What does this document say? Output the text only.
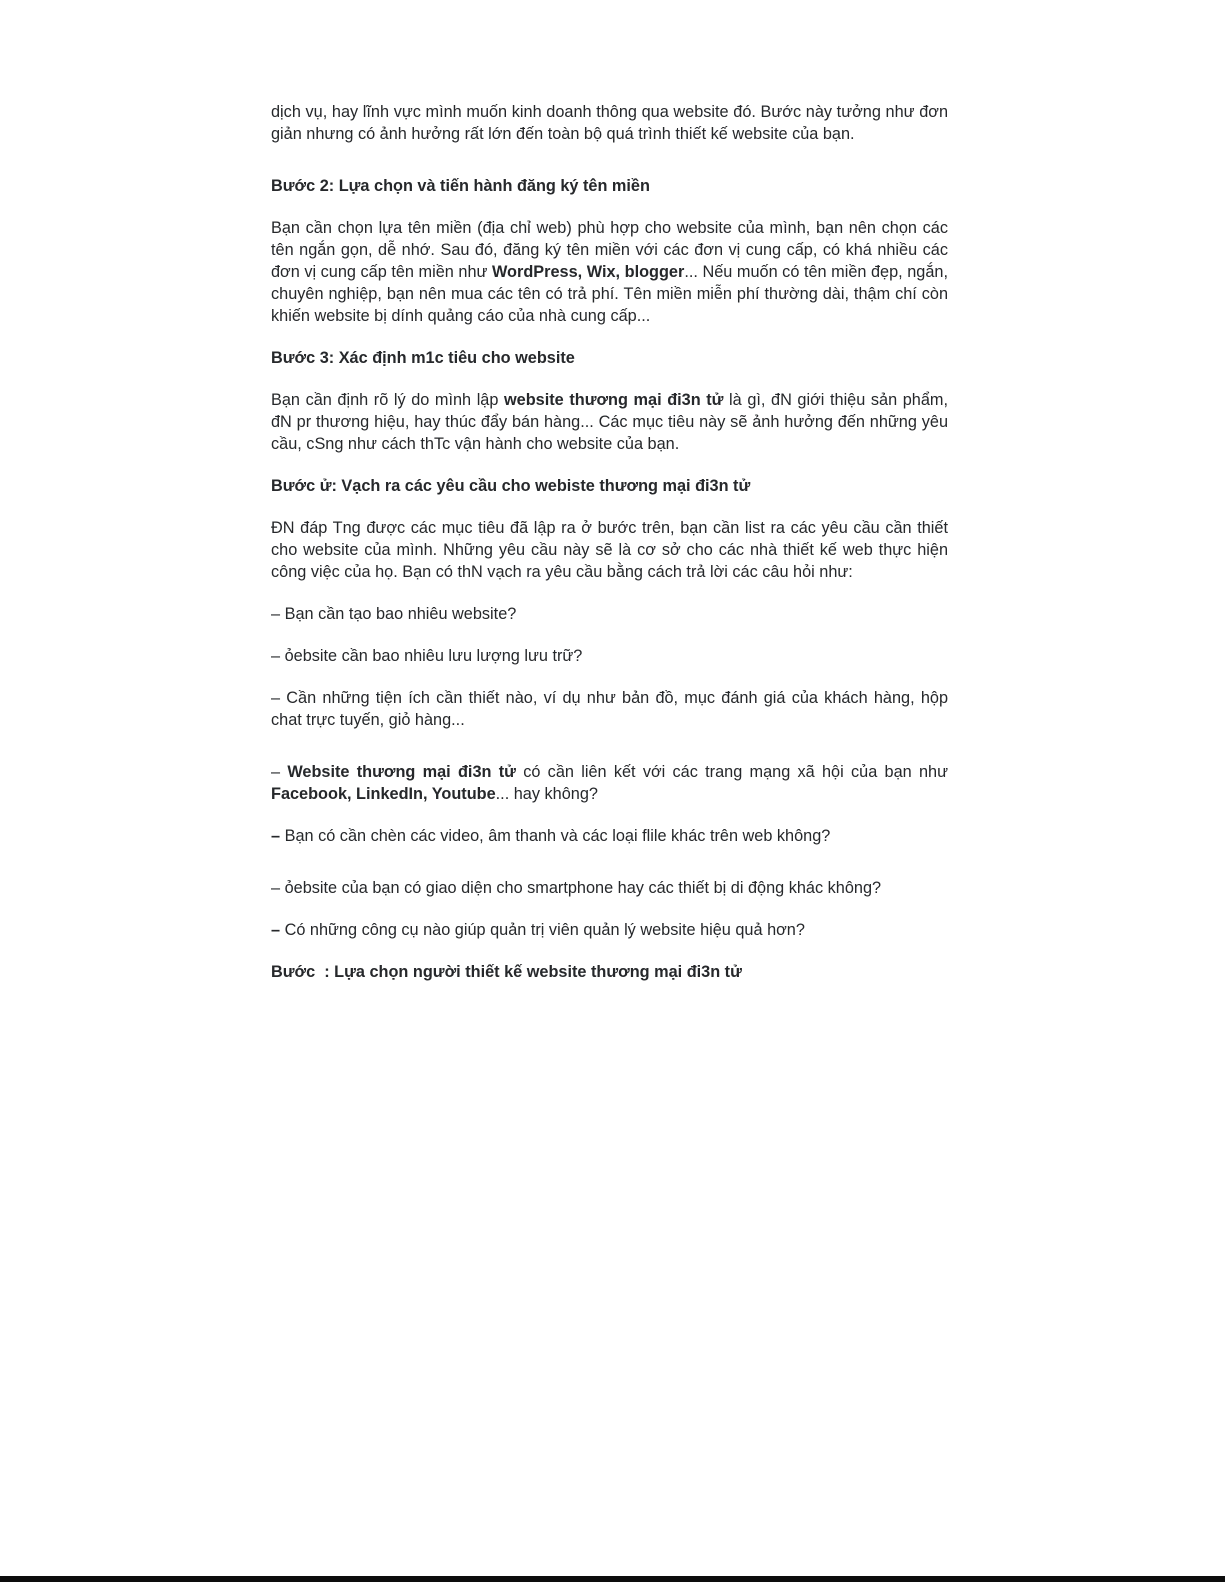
dịch vụ, hay lĩnh vực mình muốn kinh doanh thông qua website đó. Bước này tưởng như đơn giản nhưng có ảnh hưởng rất lớn đến toàn bộ quá trình thiết kế website của bạn.
Bước 2: Lựa chọn và tiến hành đăng ký tên miền
Bạn cần chọn lựa tên miền (địa chỉ web) phù hợp cho website của mình, bạn nên chọn các tên ngắn gọn, dễ nhớ. Sau đó, đăng ký tên miền với các đơn vị cung cấp, có khá nhiều các đơn vị cung cấp tên miền như WordPress, Wix, blogger... Nếu muốn có tên miền đẹp, ngắn, chuyên nghiệp, bạn nên mua các tên có trả phí. Tên miền miễn phí thường dài, thậm chí còn khiến website bị dính quảng cáo của nhà cung cấp...
Bước 3: Xác định m1c tiêu cho website
Bạn cần định rõ lý do mình lập website thương mại đi3n tử là gì, đN giới thiệu sản phẩm, đN pr thương hiệu, hay thúc đẩy bán hàng... Các mục tiêu này sẽ ảnh hưởng đến những yêu cầu, cSng như cách thTc vận hành cho website của bạn.
Bước ử: Vạch ra các yêu cầu cho webiste thương mại đi3n tử
ĐN đáp Tng được các mục tiêu đã lập ra ở bước trên, bạn cần list ra các yêu cầu cần thiết cho website của mình. Những yêu cầu này sẽ là cơ sở cho các nhà thiết kế web thực hiện công việc của họ. Bạn có thN vạch ra yêu cầu bằng cách trả lời các câu hỏi như:
– Bạn cần tạo bao nhiêu website?
– ỏebsite cần bao nhiêu lưu lượng lưu trữ?
– Cần những tiện ích cần thiết nào, ví dụ như bản đồ, mục đánh giá của khách hàng, hộp chat trực tuyến, giỏ hàng...
– Website thương mại đi3n tử có cần liên kết với các trang mạng xã hội của bạn như Facebook, LinkedIn, Youtube... hay không?
– Bạn có cần chèn các video, âm thanh và các loại flile khác trên web không?
– ỏebsite của bạn có giao diện cho smartphone hay các thiết bị di động khác không?
– Có những công cụ nào giúp quản trị viên quản lý website hiệu quả hơn?
Bước  : Lựa chọn người thiết kế website thương mại đi3n tử
